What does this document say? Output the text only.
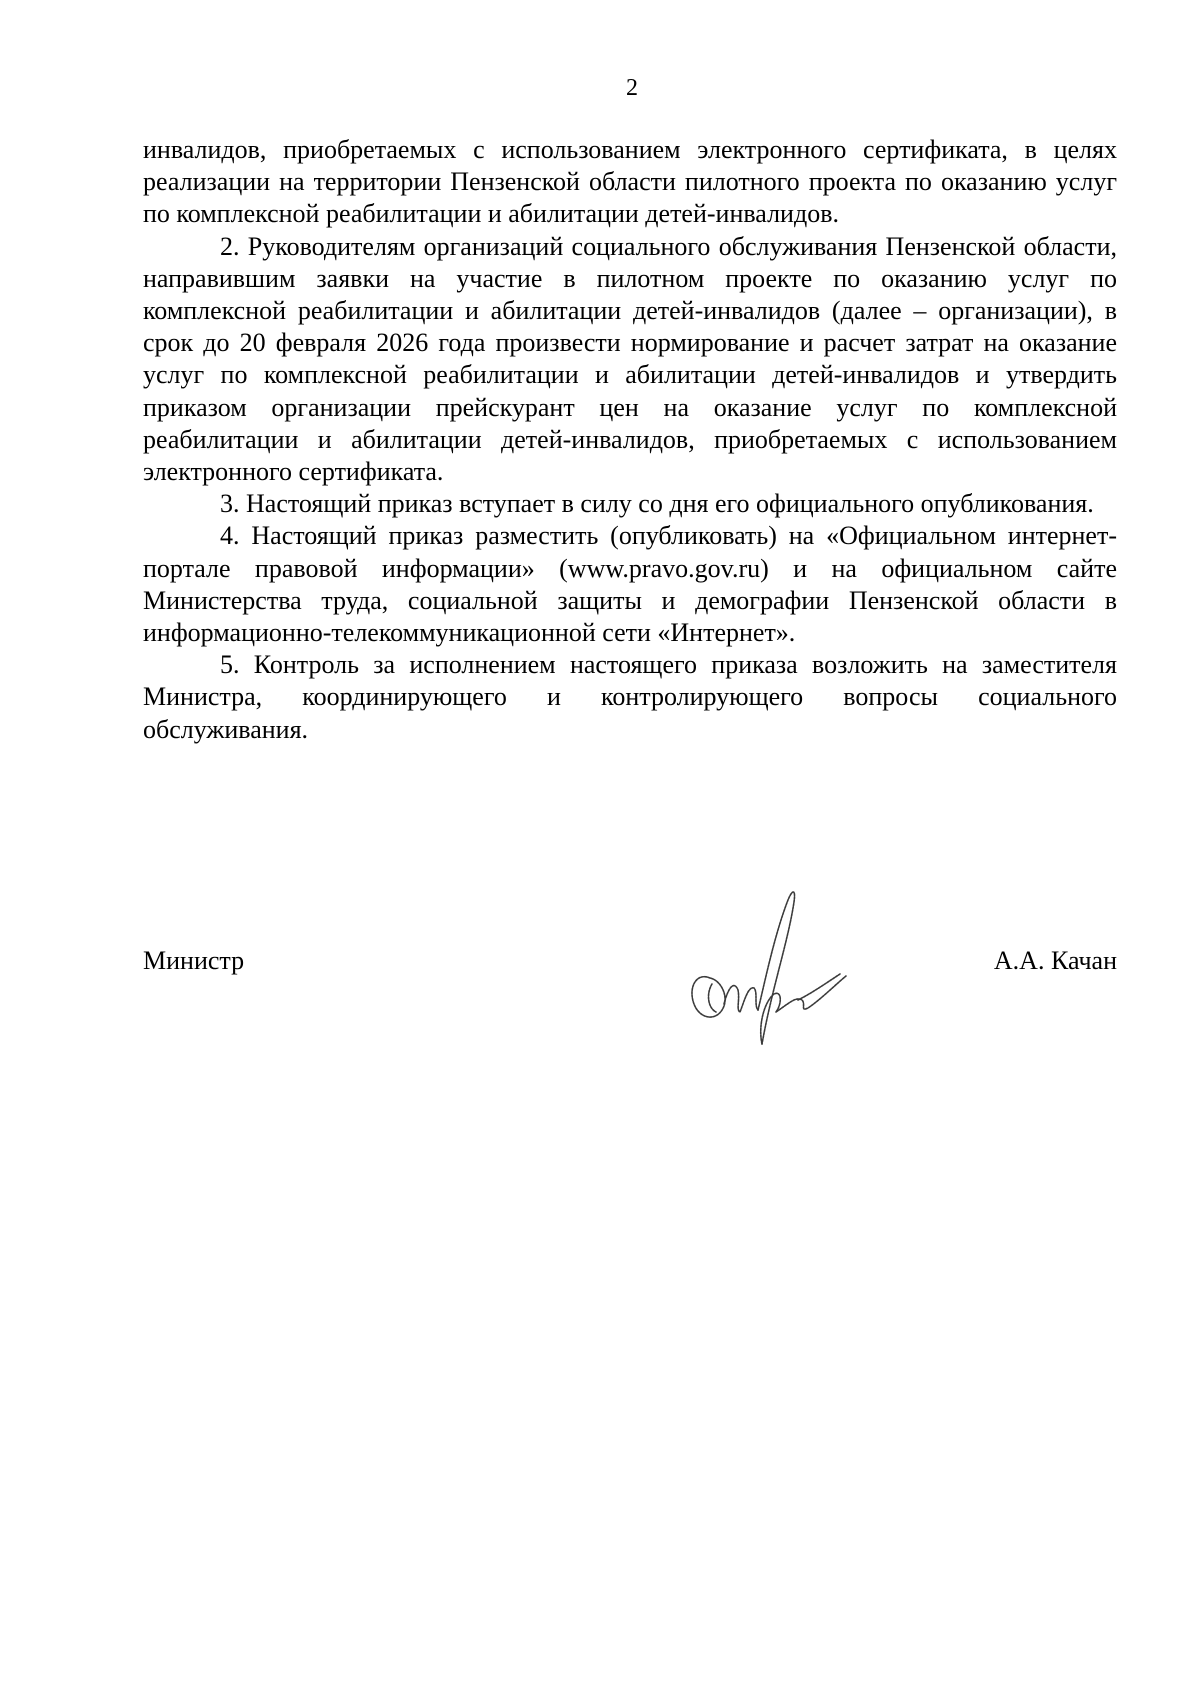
2

инвалидов, приобретаемых с использованием электронного сертификата, в целях реализации на территории Пензенской области пилотного проекта по оказанию услуг по комплексной реабилитации и абилитации детей-инвалидов.

2. Руководителям организаций социального обслуживания Пензенской области, направившим заявки на участие в пилотном проекте по оказанию услуг по комплексной реабилитации и абилитации детей-инвалидов (далее – организации), в срок до 20 февраля 2026 года произвести нормирование и расчет затрат на оказание услуг по комплексной реабилитации и абилитации детей-инвалидов и утвердить приказом организации прейскурант цен на оказание услуг по комплексной реабилитации и абилитации детей-инвалидов, приобретаемых с использованием электронного сертификата.

3. Настоящий приказ вступает в силу со дня его официального опубликования.

4. Настоящий приказ разместить (опубликовать) на «Официальном интернет-портале правовой информации» (www.pravo.gov.ru) и на официальном сайте Министерства труда, социальной защиты и демографии Пензенской области в информационно-телекоммуникационной сети «Интернет».

5. Контроль за исполнением настоящего приказа возложить на заместителя Министра, координирующего и контролирующего вопросы социального обслуживания.

Министр	А.А. Качан
